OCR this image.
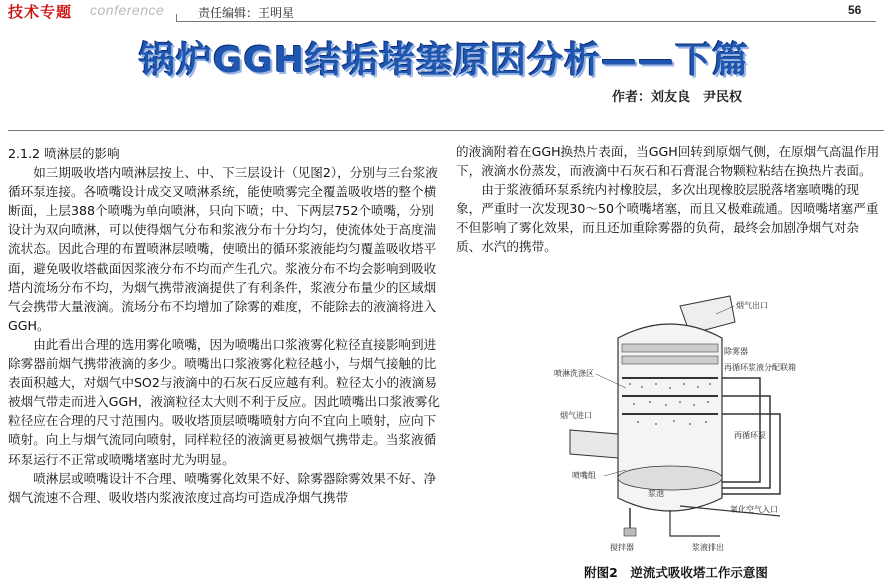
技术专题 conference	责任编辑：王明星	56
锅炉GGH结垢堵塞原因分析——下篇
作者：刘友良　尹民权

2.1.2 喷淋层的影响

如三期吸收塔内喷淋层按上、中、下三层设计（见图2），分别与三台浆液循环泵连接。各喷嘴设计成交叉喷淋系统，能使喷雾完全覆盖吸收塔的整个横断面，上层388个喷嘴为单向喷淋，只向下喷；中、下两层752个喷嘴，分别设计为双向喷淋，可以使得烟气分布和浆液分布十分均匀，使流体处于高度湍流状态。因此合理的布置喷淋层喷嘴，使喷出的循环浆液能均匀覆盖吸收塔平面，避免吸收塔截面因浆液分布不均而产生孔穴。浆液分布不均会影响到吸收塔内流场分布不均，为烟气携带液滴提供了有利条件，浆液分布量少的区域烟气会携带大量液滴。流场分布不均增加了除雾的难度，不能除去的液滴将进入GGH。

由此看出合理的选用雾化喷嘴，因为喷嘴出口浆液雾化粒径直接影响到进除雾器前烟气携带液滴的多少。喷嘴出口浆液雾化粒径越小，与烟气接触的比表面积越大，对烟气中SO2与液滴中的石灰石反应越有利。粒径太小的液滴易被烟气带走而进入GGH，液滴粒径太大则不利于反应。因此喷嘴出口浆液雾化粒径应在合理的尺寸范围内。吸收塔顶层喷嘴喷射方向不宜向上喷射，应向下喷射。向上与烟气流同向喷射，同样粒径的液滴更易被烟气携带走。当浆液循环泵运行不正常或喷嘴堵塞时尤为明显。

喷淋层或喷嘴设计不合理、喷嘴雾化效果不好、除雾器除雾效果不好、净烟气流速不合理、吸收塔内浆液浓度过高均可造成净烟气携带

的液滴附着在GGH换热片表面，当GGH回转到原烟气侧，在原烟气高温作用下，液滴水份蒸发，而液滴中石灰石和石膏混合物颗粒粘结在换热片表面。

由于浆液循环泵系统内衬橡胶层，多次出现橡胶层脱落堵塞喷嘴的现象，严重时一次发现30～50个喷嘴堵塞，而且又极难疏通。因喷嘴堵塞严重不但影响了雾化效果，而且还加重除雾器的负荷，最终会加剧净烟气对杂质、水汽的携带。

烟气出口
除雾器
再循环浆液分配联箱
喷淋洗涤区
烟气进口
再循环泵
喷嘴组
浆池
氧化空气入口
搅拌器	浆液排出
附图2　逆流式吸收塔工作示意图
